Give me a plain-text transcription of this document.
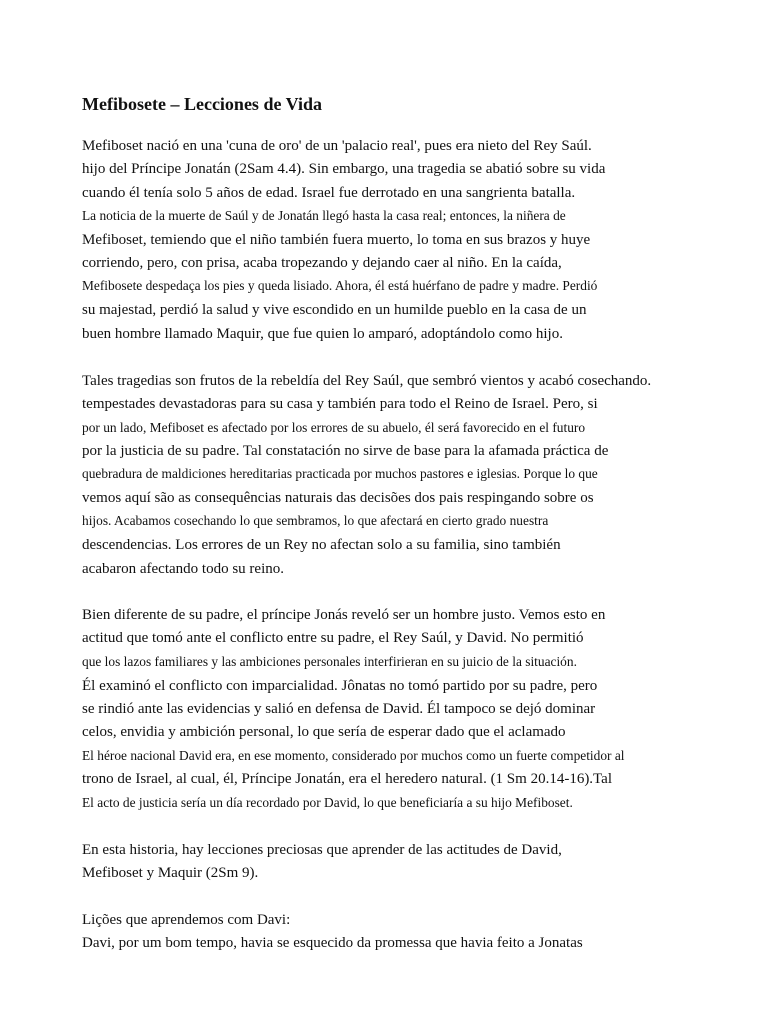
Mefibosete – Lecciones de Vida

Mefiboset nació en una 'cuna de oro' de un 'palacio real', pues era nieto del Rey Saúl.

hijo del Príncipe Jonatán (2Sam 4.4). Sin embargo, una tragedia se abatió sobre su vida

cuando él tenía solo 5 años de edad. Israel fue derrotado en una sangrienta batalla.

La noticia de la muerte de Saúl y de Jonatán llegó hasta la casa real; entonces, la niñera de

Mefiboset, temiendo que el niño también fuera muerto, lo toma en sus brazos y huye

corriendo, pero, con prisa, acaba tropezando y dejando caer al niño. En la caída,

Mefibosete despedaça los pies y queda lisiado. Ahora, él está huérfano de padre y madre. Perdió

su majestad, perdió la salud y vive escondido en un humilde pueblo en la casa de un

buen hombre llamado Maquir, que fue quien lo amparó, adoptándolo como hijo.

Tales tragedias son frutos de la rebeldía del Rey Saúl, que sembró vientos y acabó cosechando.

tempestades devastadoras para su casa y también para todo el Reino de Israel. Pero, si

por un lado, Mefiboset es afectado por los errores de su abuelo, él será favorecido en el futuro

por la justicia de su padre. Tal constatación no sirve de base para la afamada práctica de

quebradura de maldiciones hereditarias practicada por muchos pastores e iglesias. Porque lo que

vemos aquí são as consequências naturais das decisões dos pais respingando sobre os

hijos. Acabamos cosechando lo que sembramos, lo que afectará en cierto grado nuestra

descendencias. Los errores de un Rey no afectan solo a su familia, sino también

acabaron afectando todo su reino.

Bien diferente de su padre, el príncipe Jonás reveló ser un hombre justo. Vemos esto en

actitud que tomó ante el conflicto entre su padre, el Rey Saúl, y David. No permitió

que los lazos familiares y las ambiciones personales interfirieran en su juicio de la situación.

Él examinó el conflicto con imparcialidad. Jônatas no tomó partido por su padre, pero

se rindió ante las evidencias y salió en defensa de David. Él tampoco se dejó dominar

celos, envidia y ambición personal, lo que sería de esperar dado que el aclamado

El héroe nacional David era, en ese momento, considerado por muchos como un fuerte competidor al

trono de Israel, al cual, él, Príncipe Jonatán, era el heredero natural. (1 Sm 20.14-16).Tal

El acto de justicia sería un día recordado por David, lo que beneficiaría a su hijo Mefiboset.

En esta historia, hay lecciones preciosas que aprender de las actitudes de David,

Mefiboset y Maquir (2Sm 9).

Lições que aprendemos com Davi:

Davi, por um bom tempo, havia se esquecido da promessa que havia feito a Jonatas
